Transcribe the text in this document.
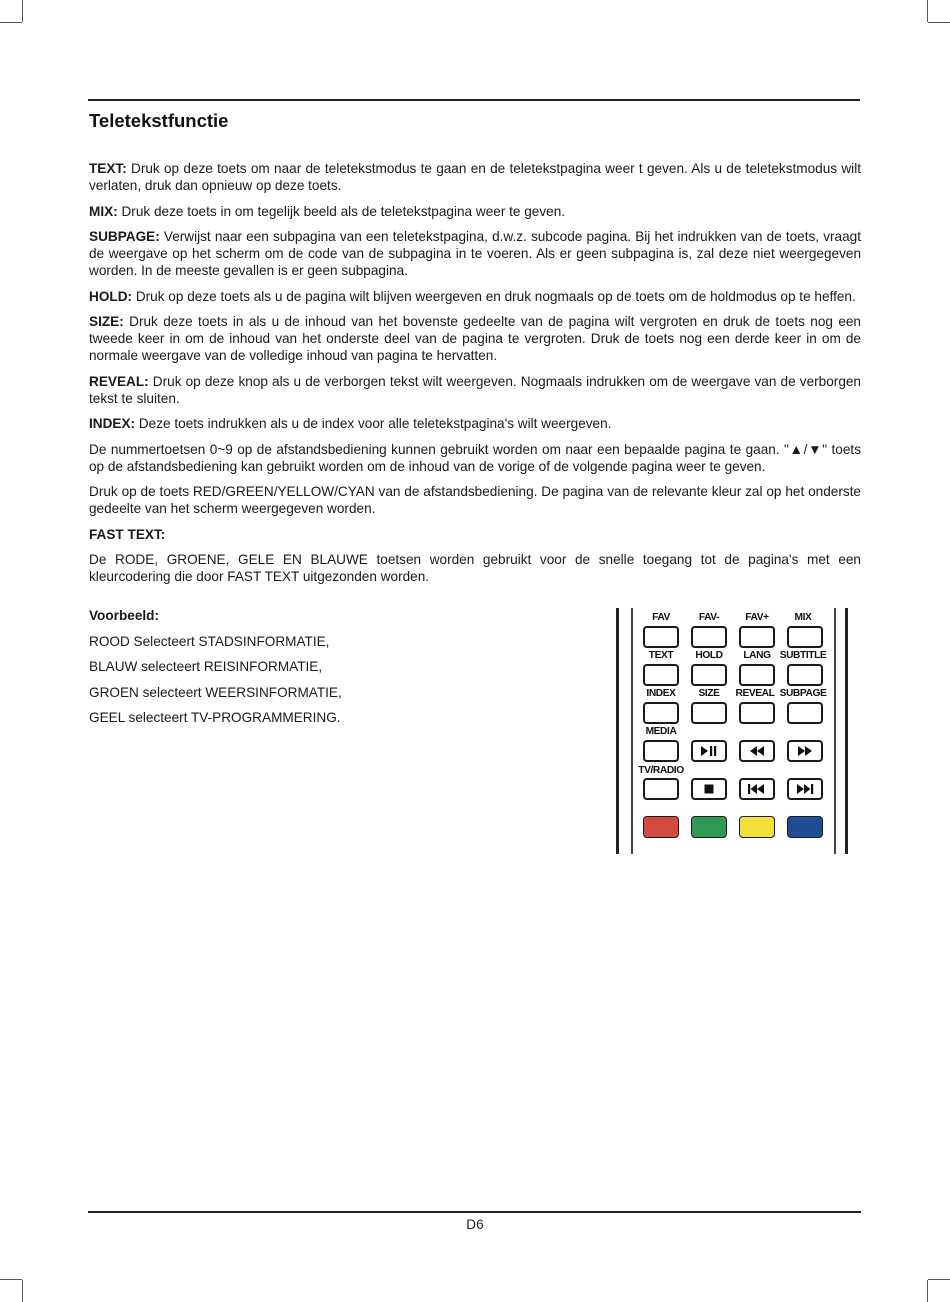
Teletekstfunctie

TEXT: Druk op deze toets om naar de teletekstmodus te gaan en de teletekstpagina weer t geven. Als u de teletekstmodus wilt verlaten, druk dan opnieuw op deze toets.

MIX: Druk deze toets in om tegelijk beeld als de teletekstpagina weer te geven.

SUBPAGE: Verwijst naar een subpagina van een teletekstpagina, d.w.z. subcode pagina. Bij het indrukken van de toets, vraagt de weergave op het scherm om de code van de subpagina in te voeren. Als er geen subpagina is, zal deze niet weergegeven worden. In de meeste gevallen is er geen subpagina.

HOLD: Druk op deze toets als u de pagina wilt blijven weergeven en druk nogmaals op de toets om de holdmodus op te heffen.

SIZE: Druk deze toets in als u de inhoud van het bovenste gedeelte van de pagina wilt vergroten en druk de toets nog een tweede keer in om de inhoud van het onderste deel van de pagina te vergroten. Druk de toets nog een derde keer in om de normale weergave van de volledige inhoud van pagina te hervatten.

REVEAL: Druk op deze knop als u de verborgen tekst wilt weergeven. Nogmaals indrukken om de weergave van de verborgen tekst te sluiten.

INDEX: Deze toets indrukken als u de index voor alle teletekstpagina's wilt weergeven.

De nummertoetsen 0~9 op de afstandsbediening kunnen gebruikt worden om naar een bepaalde pagina te gaan. "▲/▼" toets op de afstandsbediening kan gebruikt worden om de inhoud van de vorige of de volgende pagina weer te geven.

Druk op de toets RED/GREEN/YELLOW/CYAN van de afstandsbediening. De pagina van de relevante kleur zal op het onderste gedeelte van het scherm weergegeven worden.

FAST TEXT:

De RODE, GROENE, GELE EN BLAUWE toetsen worden gebruikt voor de snelle toegang tot de pagina's met een kleurcodering die door FAST TEXT uitgezonden worden.

Voorbeeld:

ROOD Selecteert STADSINFORMATIE,

BLAUW selecteert REISINFORMATIE,

GROEN selecteert WEERSINFORMATIE,

GEEL selecteert TV-PROGRAMMERING.

FAV	FAV-	FAV+	MIX
TEXT	HOLD	LANG SUBTITLE
INDEX	SIZE	REVEAL SUBPAGE
MEDIA
TV/RADIO
D6
